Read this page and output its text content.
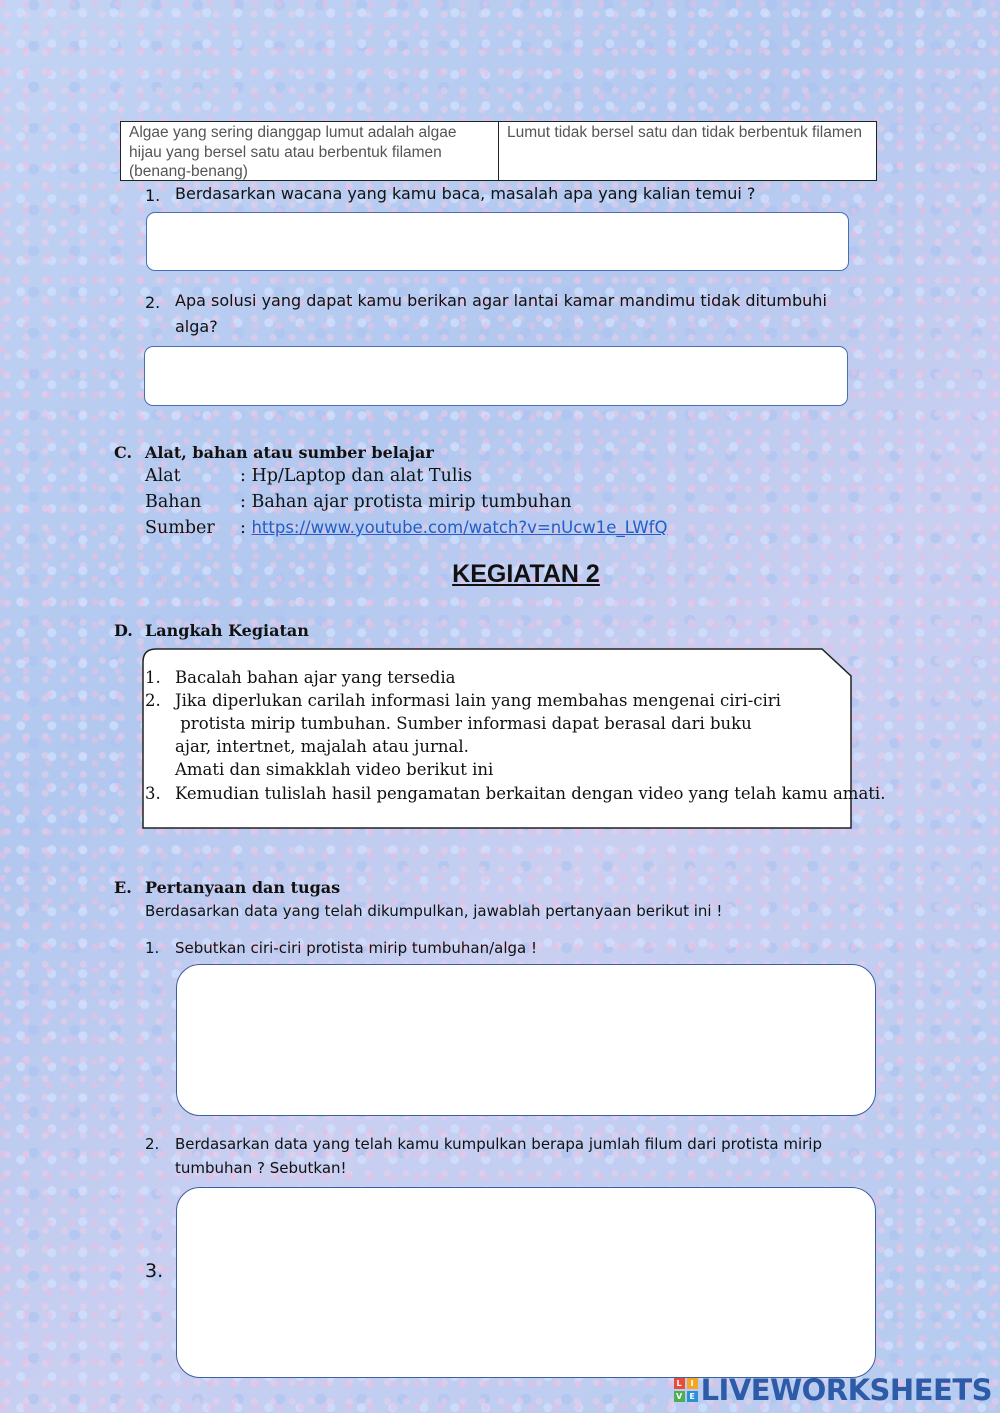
Algae yang sering dianggap lumut adalah algae hijau yang bersel satu atau berbentuk filamen (benang-benang)
Lumut tidak bersel satu dan tidak berbentuk filamen
1. Berdasarkan wacana yang kamu baca, masalah apa yang kalian temui ?
2. Apa solusi yang dapat kamu berikan agar lantai kamar mandimu tidak ditumbuhi
alga?
C. Alat, bahan atau sumber belajar
Alat	: Hp/Laptop dan alat Tulis
Bahan : Bahan ajar protista mirip tumbuhan
Sumber : https://www.youtube.com/watch?v=nUcw1e_LWfQ
KEGIATAN 2
D. Langkah Kegiatan
1. Bacalah bahan ajar yang tersedia
2. Jika diperlukan carilah informasi lain yang membahas mengenai ciri-ciri
protista mirip tumbuhan. Sumber informasi dapat berasal dari buku
ajar, intertnet, majalah atau jurnal.
Amati dan simakklah video berikut ini
3. Kemudian tulislah hasil pengamatan berkaitan dengan video yang telah kamu amati.
E. Pertanyaan dan tugas
Berdasarkan data yang telah dikumpulkan, jawablah pertanyaan berikut ini !
1. Sebutkan ciri-ciri protista mirip tumbuhan/alga !
2. Berdasarkan data yang telah kamu kumpulkan berapa jumlah filum dari protista mirip
tumbuhan ? Sebutkan!
3.
L	I
V E LIVEWORKSHEETS
